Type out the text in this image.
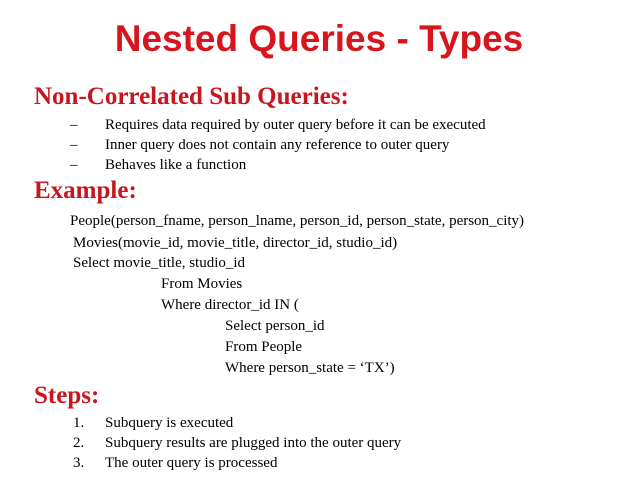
Nested Queries - Types
Non-Correlated Sub Queries:
– Requires data required by outer query before it can be executed
– Inner query does not contain any reference to outer query
– Behaves like a function
Example:
People(person_fname, person_lname, person_id, person_state, person_city)
Movies(movie_id, movie_title, director_id, studio_id)
Select movie_title, studio_id
From Movies
Where director_id IN (
Select person_id
From People
Where person_state = ‘TX’)
Steps:
1. Subquery is executed
2. Subquery results are plugged into the outer query
3. The outer query is processed
